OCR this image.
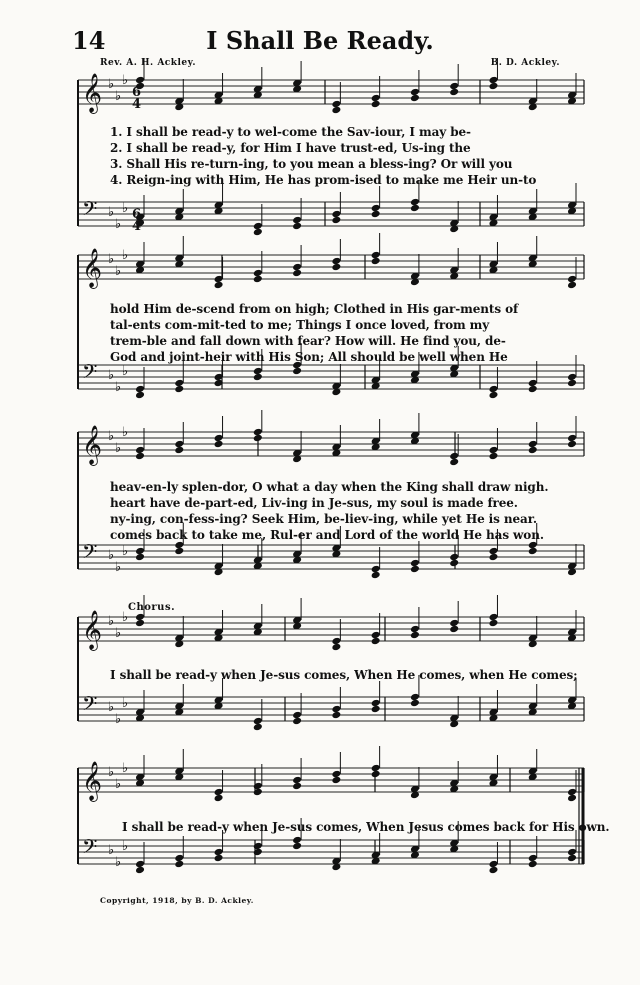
𝄞 ♭
♭
♭
𝄢 ♭
♭
♭
𝄞 ♭
♭
♭
𝄢 ♭
♭
♭
𝄞 ♭
♭
♭
𝄢 ♭
♭
♭
𝄞 ♭
♭
♭
𝄢 ♭
♭
♭
𝄞 ♭
♭
♭
𝄢 ♭
♭
♭
6
4
6
4
14	I Shall Be Ready.
Rev. A. H. Ackley.	B. D. Ackley.
Chorus.
1. I shall be read-y to wel-come the Sav-iour, I may be-
2. I shall be read-y, for Him I have trust-ed, Us-ing the
3. Shall His re-turn-ing, to you mean a bless-ing? Or will you
4. Reign-ing with Him, He has prom-ised to make me Heir un-to
hold Him de-scend from on high; Clothed in His gar-ments of
tal-ents com-mit-ted to me; Things I once loved, from my
trem-ble and fall down with fear? How will. He find you, de-
God and joint-heir with His Son; All should be well when He
heav-en-ly splen-dor, O what a day when the King shall draw nigh.
heart have de-part-ed, Liv-ing in Je-sus, my soul is made free.
ny-ing, con-fess-ing? Seek Him, be-liev-ing, while yet He is near.
comes back to take me, Rul-er and Lord of the world He has won.
I shall be read-y when Je-sus comes, When He comes, when He comes;
I shall be read-y when Je-sus comes, When Jesus comes back for His own.
Copyright, 1918, by B. D. Ackley.
